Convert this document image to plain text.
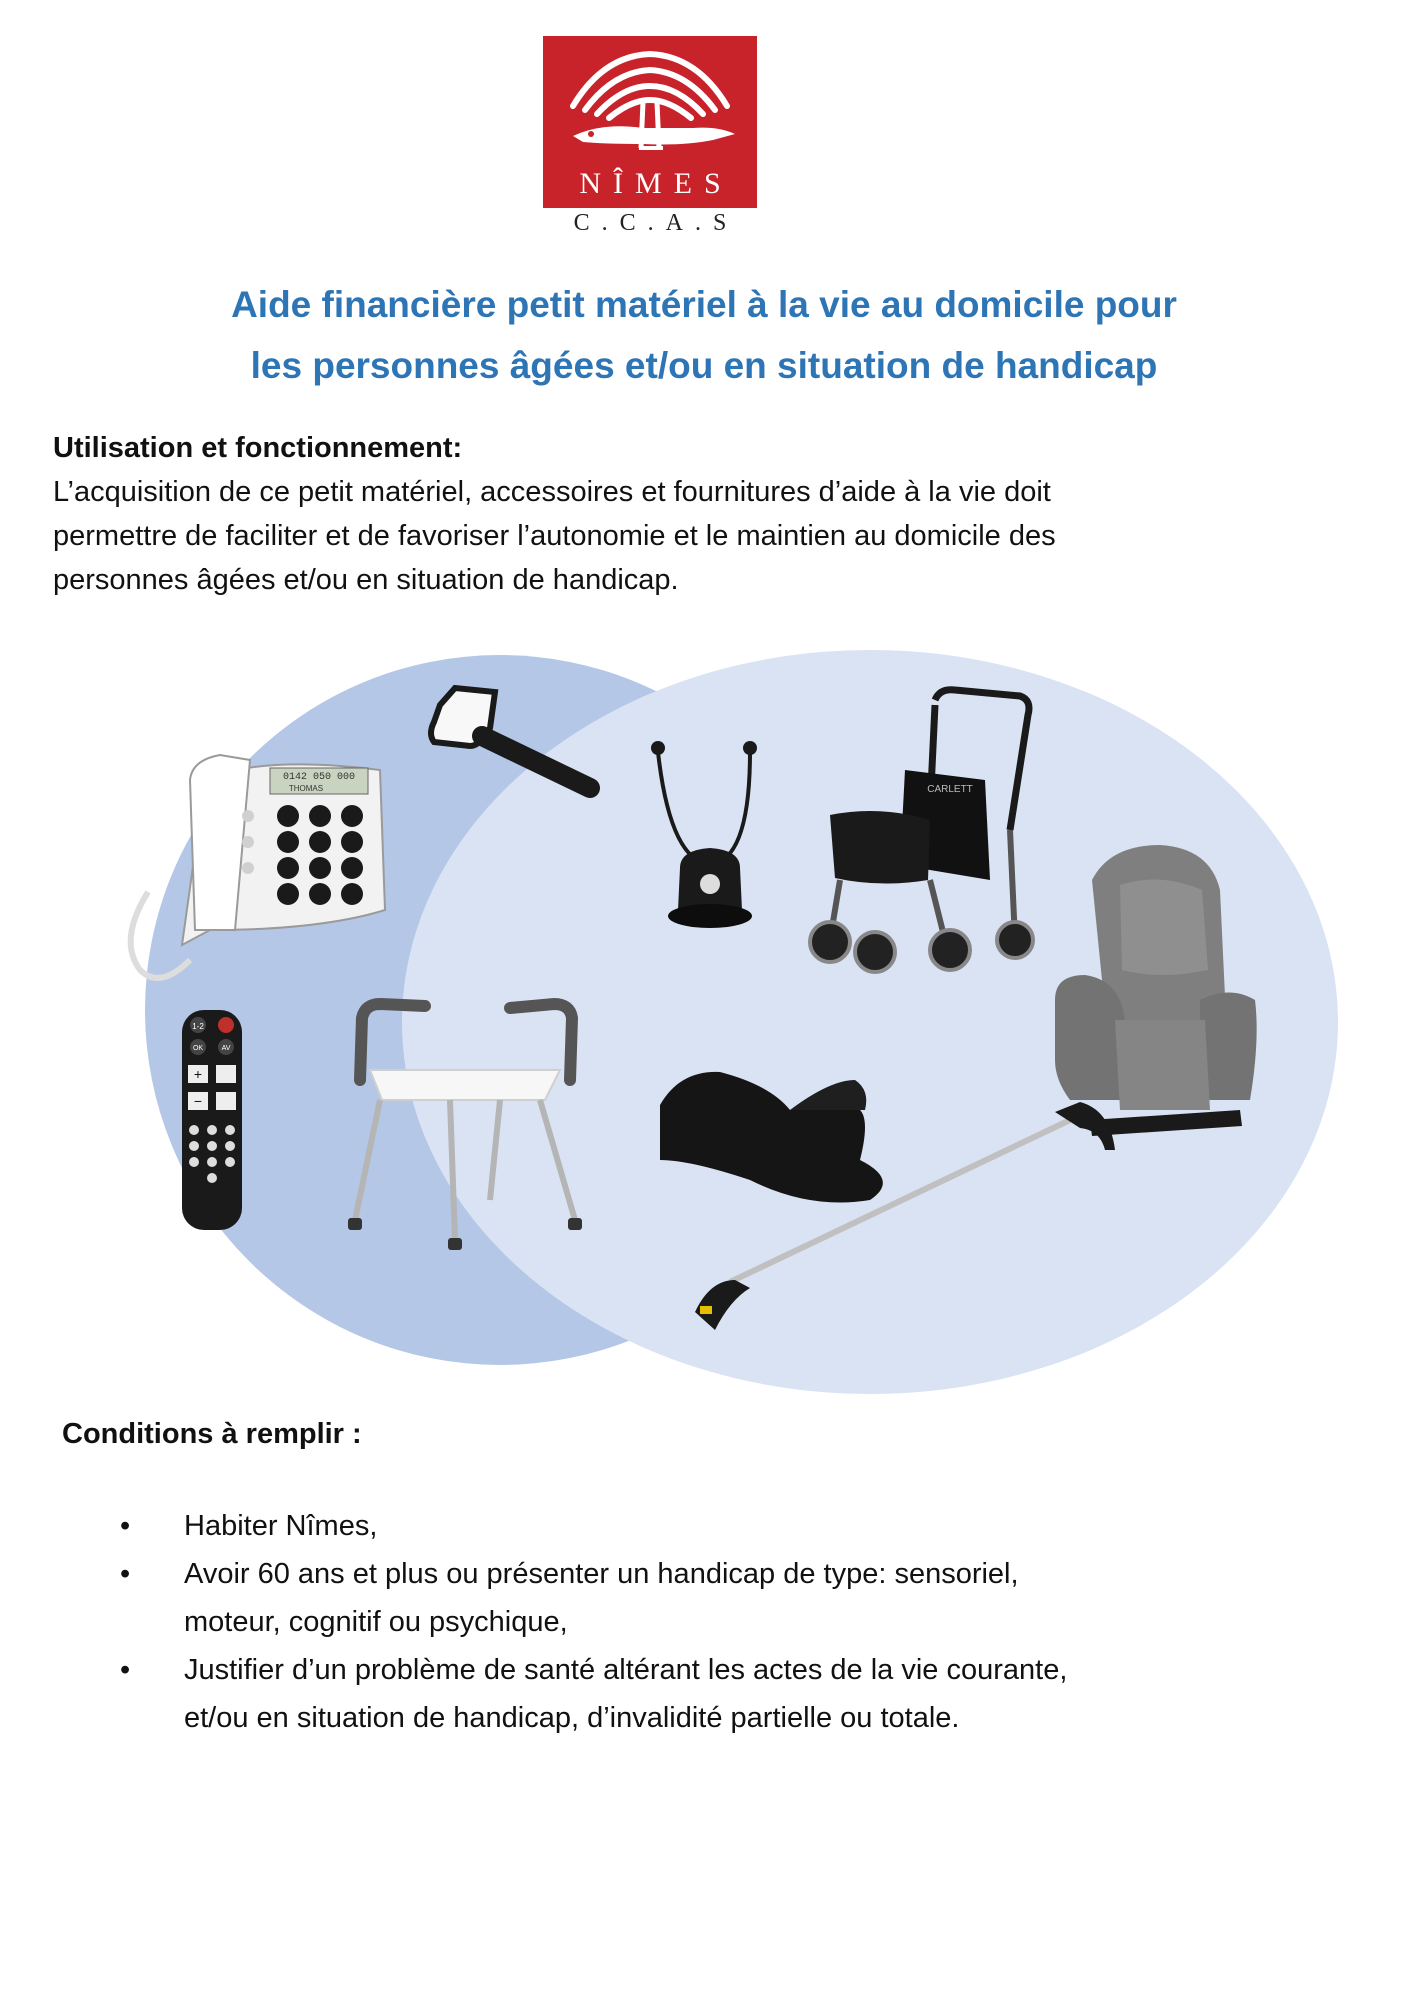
NÎMES
C.C.A.S
Aide financière petit matériel à la vie au domicile pour
les personnes âgées et/ou en situation de handicap
Utilisation et fonctionnement:

L’acquisition de ce petit matériel, accessoires et fournitures d’aide à la vie doit
permettre de faciliter et de favoriser l’autonomie et le maintien au domicile des
personnes âgées et/ou en situation de handicap.

0142 050 000
THOMAS	CARLETT
1-2
OK	AV
+
−
Conditions à remplir :
•	Habiter Nîmes,
•	Avoir 60 ans et plus ou présenter un handicap de type: sensoriel,
moteur, cognitif ou psychique,
•	Justifier d’un problème de santé altérant les actes de la vie courante,
et/ou en situation de handicap, d’invalidité partielle ou totale.
